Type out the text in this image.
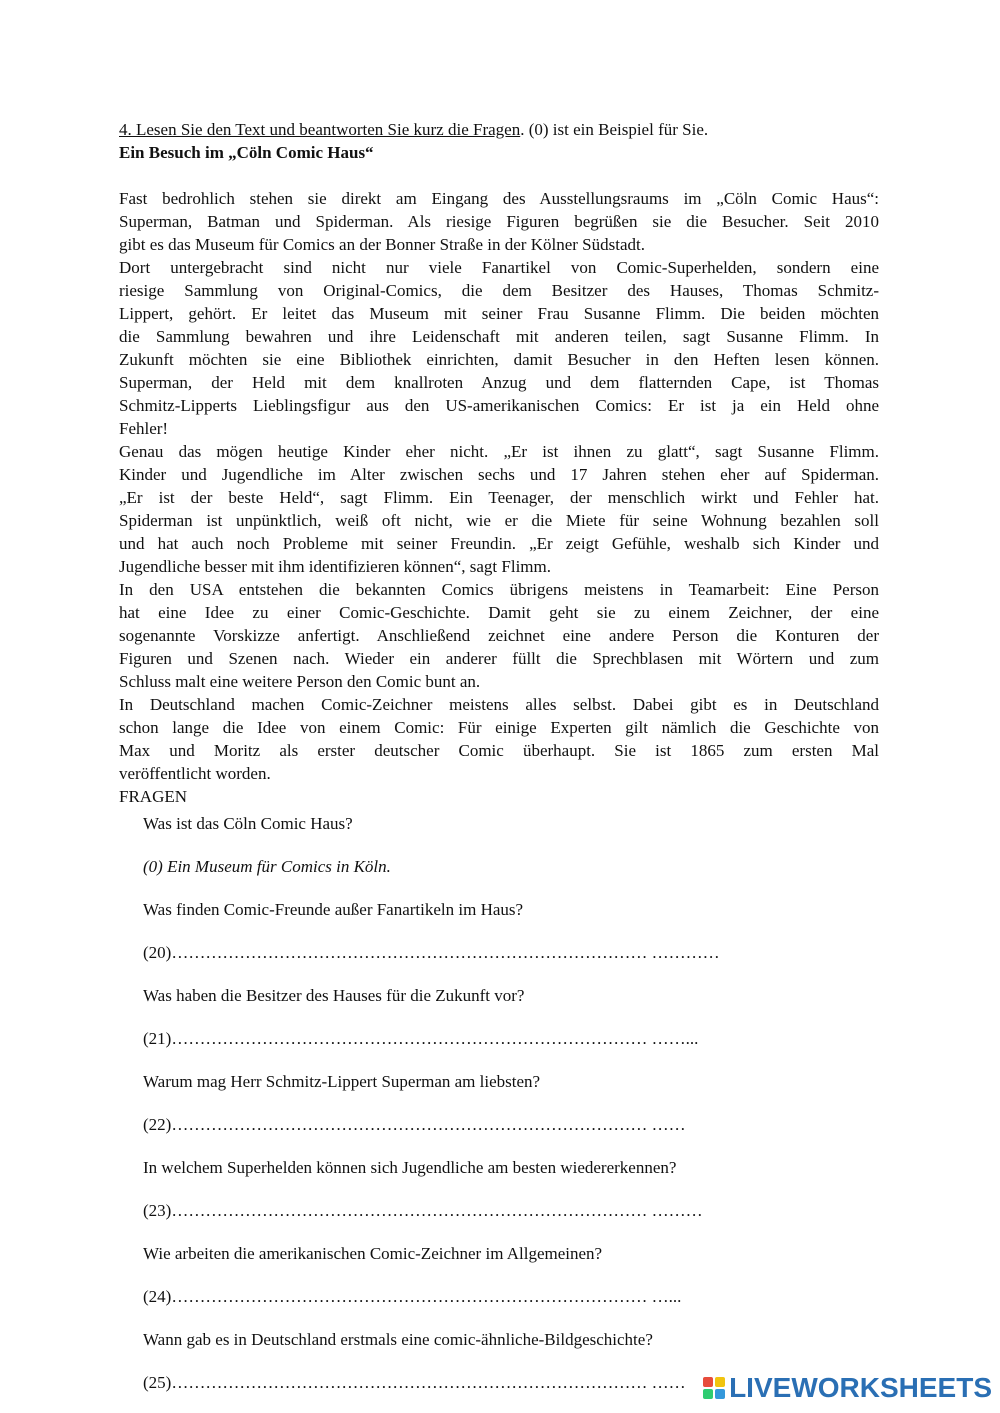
4. Lesen Sie den Text und beantworten Sie kurz die Fragen. (0) ist ein Beispiel für Sie.
Ein Besuch im „Cöln Comic Haus“
Fast bedrohlich stehen sie direkt am Eingang des Ausstellungsraums im „Cöln Comic Haus“:
Superman, Batman und Spiderman. Als riesige Figuren begrüßen sie die Besucher. Seit 2010
gibt es das Museum für Comics an der Bonner Straße in der Kölner Südstadt.
Dort untergebracht sind nicht nur viele Fanartikel von Comic-Superhelden, sondern eine
riesige Sammlung von Original-Comics, die dem Besitzer des Hauses, Thomas Schmitz-
Lippert, gehört. Er leitet das Museum mit seiner Frau Susanne Flimm. Die beiden möchten
die Sammlung bewahren und ihre Leidenschaft mit anderen teilen, sagt Susanne Flimm. In
Zukunft möchten sie eine Bibliothek einrichten, damit Besucher in den Heften lesen können.
Superman, der Held mit dem knallroten Anzug und dem flatternden Cape, ist Thomas
Schmitz-Lipperts Lieblingsfigur aus den US-amerikanischen Comics: Er ist ja ein Held ohne
Fehler!
Genau das mögen heutige Kinder eher nicht. „Er ist ihnen zu glatt“, sagt Susanne Flimm.
Kinder und Jugendliche im Alter zwischen sechs und 17 Jahren stehen eher auf Spiderman.
„Er ist der beste Held“, sagt Flimm. Ein Teenager, der menschlich wirkt und Fehler hat.
Spiderman ist unpünktlich, weiß oft nicht, wie er die Miete für seine Wohnung bezahlen soll
und hat auch noch Probleme mit seiner Freundin. „Er zeigt Gefühle, weshalb sich Kinder und
Jugendliche besser mit ihm identifizieren können“, sagt Flimm.
In den USA entstehen die bekannten Comics übrigens meistens in Teamarbeit: Eine Person
hat eine Idee zu einer Comic-Geschichte. Damit geht sie zu einem Zeichner, der eine
sogenannte Vorskizze anfertigt. Anschließend zeichnet eine andere Person die Konturen der
Figuren und Szenen nach. Wieder ein anderer füllt die Sprechblasen mit Wörtern und zum
Schluss malt eine weitere Person den Comic bunt an.
In Deutschland machen Comic-Zeichner meistens alles selbst. Dabei gibt es in Deutschland
schon lange die Idee von einem Comic: Für einige Experten gilt nämlich die Geschichte von
Max und Moritz als erster deutscher Comic überhaupt. Sie ist 1865 zum ersten Mal
veröffentlicht worden.
FRAGEN
Was ist das Cöln Comic Haus?
(0) Ein Museum für Comics in Köln.
Was finden Comic-Freunde außer Fanartikeln im Haus?
(20)………………………………………………………………………… …………
Was haben die Besitzer des Hauses für die Zukunft vor?
(21)………………………………………………………………………… ……...
Warum mag Herr Schmitz-Lippert Superman am liebsten?
(22)………………………………………………………………………… ……
In welchem Superhelden können sich Jugendliche am besten wiedererkennen?
(23)………………………………………………………………………… ………
Wie arbeiten die amerikanischen Comic-Zeichner im Allgemeinen?
(24)………………………………………………………………………… …...
Wann gab es in Deutschland erstmals eine comic-ähnliche-Bildgeschichte?
(25)………………………………………………………………………… ……	LIVEWORKSHEETS
